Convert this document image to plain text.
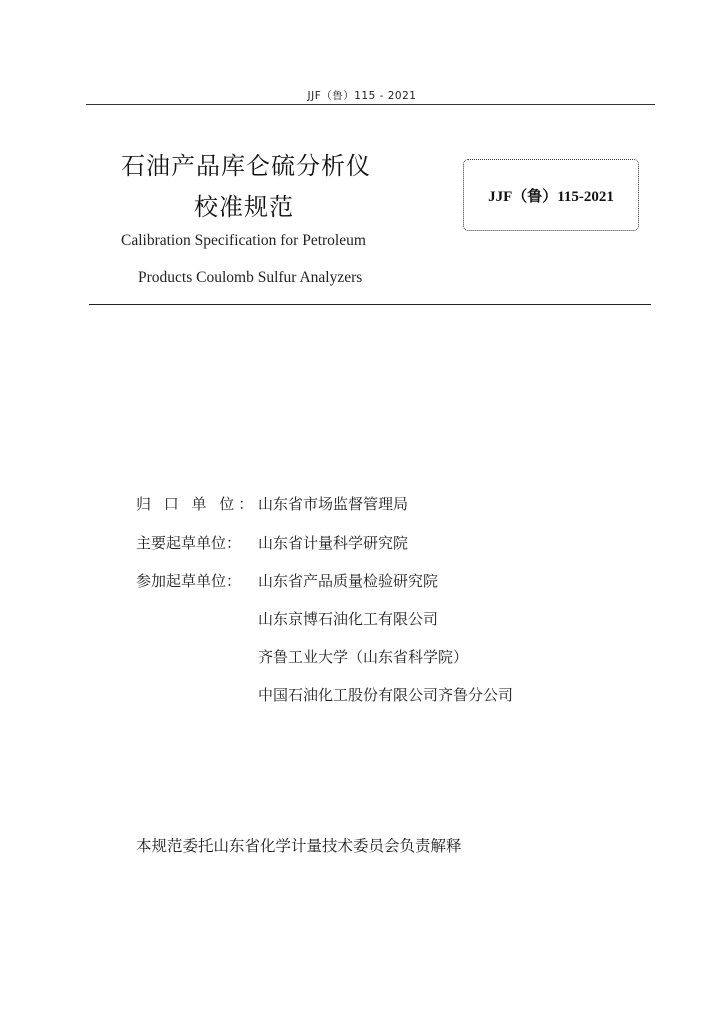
JJF（鲁）115 - 2021
石油产品库仑硫分析仪
校准规范
Calibration Specification for Petroleum
Products Coulomb Sulfur Analyzers
JJF（鲁）115-2021
归 口 单 位： 山东省市场监督管理局
主要起草单位： 山东省计量科学研究院
参加起草单位： 山东省产品质量检验研究院
山东京博石油化工有限公司
齐鲁工业大学（山东省科学院）
中国石油化工股份有限公司齐鲁分公司
本规范委托山东省化学计量技术委员会负责解释
